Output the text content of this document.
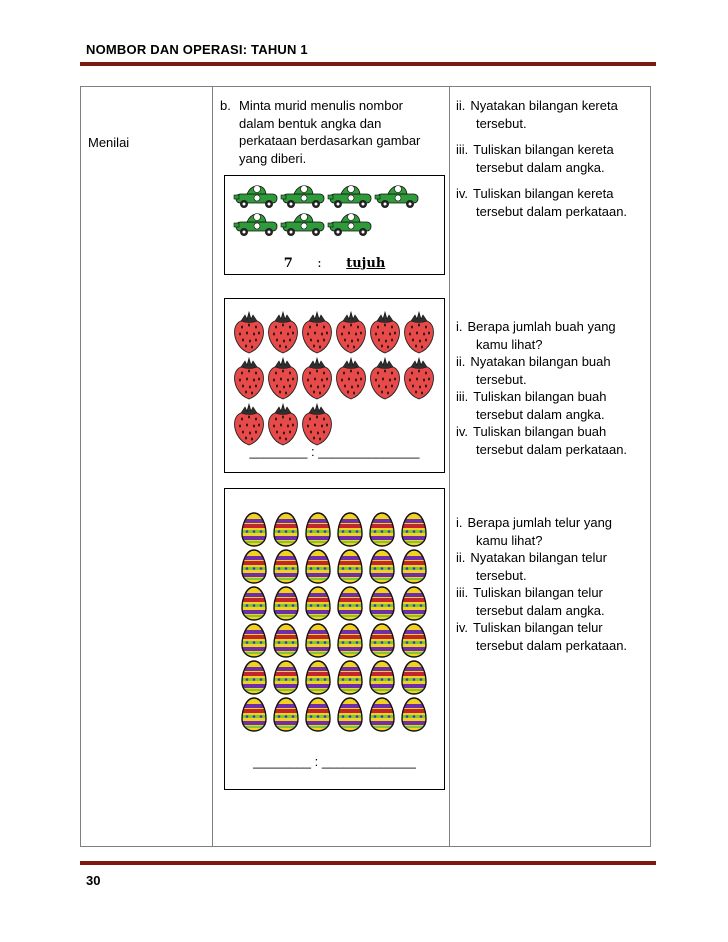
NOMBOR DAN OPERASI: TAHUN 1
Menilai
b. Minta murid menulis nombor
dalam bentuk angka dan
perkataan berdasarkan gambar
yang diberi.
7 : tujuh
ii. Nyatakan bilangan kereta
tersebut.
iii. Tuliskan bilangan kereta
tersebut dalam angka.
iv. Tuliskan bilangan kereta
tersebut dalam perkataan.
________ : ______________
i. Berapa jumlah buah yang
kamu lihat?
ii. Nyatakan bilangan buah
tersebut.
iii. Tuliskan bilangan buah
tersebut dalam angka.
iv. Tuliskan bilangan buah
tersebut dalam perkataan.
________ : _____________
i. Berapa jumlah telur yang
kamu lihat?
ii. Nyatakan bilangan telur
tersebut.
iii. Tuliskan bilangan telur
tersebut dalam angka.
iv. Tuliskan bilangan telur
tersebut dalam perkataan.
30
